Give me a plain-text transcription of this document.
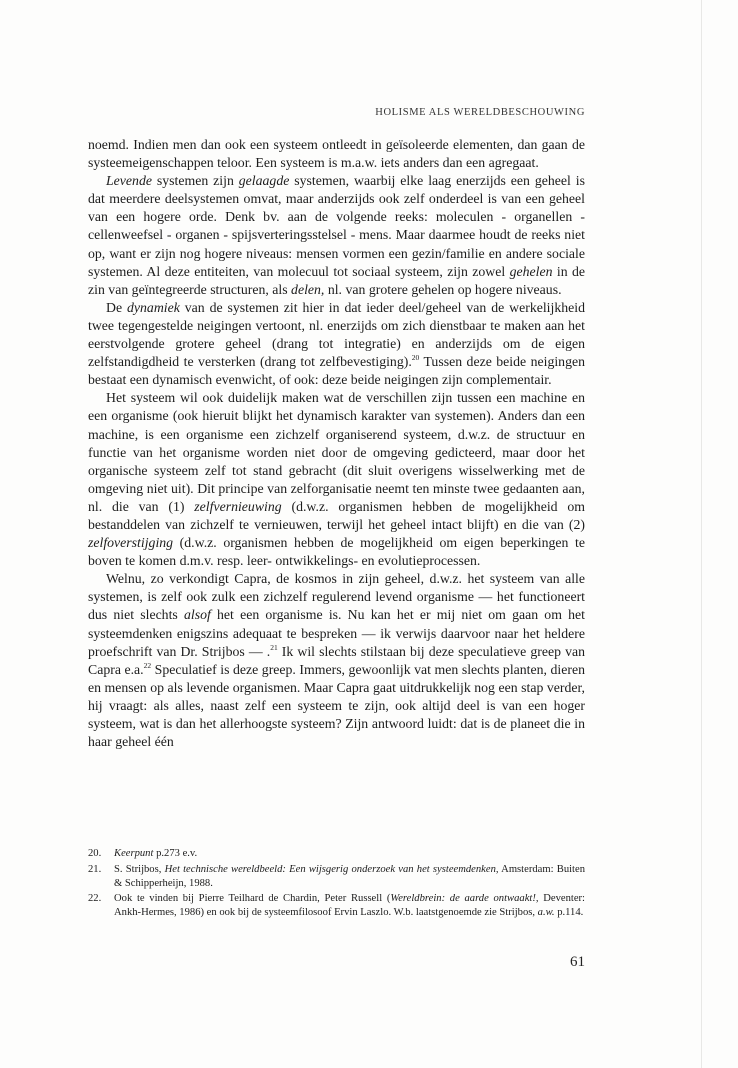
HOLISME ALS WERELDBESCHOUWING

noemd. Indien men dan ook een systeem ontleedt in geïsoleerde elementen, dan gaan de systeemeigenschappen teloor. Een systeem is m.a.w. iets anders dan een agregaat.

Levende systemen zijn gelaagde systemen, waarbij elke laag enerzijds een geheel is dat meerdere deelsystemen omvat, maar anderzijds ook zelf onderdeel is van een geheel van een hogere orde. Denk bv. aan de volgende reeks: moleculen - organellen - cellenweefsel - organen - spijsverteringsstelsel - mens. Maar daarmee houdt de reeks niet op, want er zijn nog hogere niveaus: mensen vormen een gezin/familie en andere sociale systemen. Al deze entiteiten, van molecuul tot sociaal systeem, zijn zowel gehelen in de zin van geïntegreerde structuren, als delen, nl. van grotere gehelen op hogere niveaus.

De dynamiek van de systemen zit hier in dat ieder deel/geheel van de werkelijkheid twee tegengestelde neigingen vertoont, nl. enerzijds om zich dienstbaar te maken aan het eerstvolgende grotere geheel (drang tot integratie) en anderzijds om de eigen zelfstandigdheid te versterken (drang tot zelfbevestiging).$^{20}$ Tussen deze beide neigingen bestaat een dynamisch evenwicht, of ook: deze beide neigingen zijn complementair.

Het systeem wil ook duidelijk maken wat de verschillen zijn tussen een machine en een organisme (ook hieruit blijkt het dynamisch karakter van systemen). Anders dan een machine, is een organisme een zichzelf organiserend systeem, d.w.z. de structuur en functie van het organisme worden niet door de omgeving gedicteerd, maar door het organische systeem zelf tot stand gebracht (dit sluit overigens wisselwerking met de omgeving niet uit). Dit principe van zelforganisatie neemt ten minste twee gedaanten aan, nl. die van (1) zelfvernieuwing (d.w.z. organismen hebben de mogelijkheid om bestanddelen van zichzelf te vernieuwen, terwijl het geheel intact blijft) en die van (2) zelfoverstijging (d.w.z. organismen hebben de mogelijkheid om eigen beperkingen te boven te komen d.m.v. resp. leer- ontwikkelings- en evolutieprocessen.

Welnu, zo verkondigt Capra, de kosmos in zijn geheel, d.w.z. het systeem van alle systemen, is zelf ook zulk een zichzelf regulerend levend organisme — het functioneert dus niet slechts alsof het een organisme is. Nu kan het er mij niet om gaan om het systeemdenken enigszins adequaat te bespreken — ik verwijs daarvoor naar het heldere proefschrift van Dr. Strijbos — .$^{21}$ Ik wil slechts stilstaan bij deze speculatieve greep van Capra e.a.$^{22}$ Speculatief is deze greep. Immers, gewoonlijk vat men slechts planten, dieren en mensen op als levende organismen. Maar Capra gaat uitdrukkelijk nog een stap verder, hij vraagt: als alles, naast zelf een systeem te zijn, ook altijd deel is van een hoger systeem, wat is dan het allerhoogste systeem? Zijn antwoord luidt: dat is de planeet die in haar geheel één

20. Keerpunt p.273 e.v.
21. S. Strijbos, Het technische wereldbeeld: Een wijsgerig onderzoek van het systeemdenken, Amsterdam: Buiten & Schipperheijn, 1988.
22. Ook te vinden bij Pierre Teilhard de Chardin, Peter Russell (Wereldbrein: de aarde ontwaakt!, Deventer: Ankh-Hermes, 1986) en ook bij de systeemfilosoof Ervin Laszlo. W.b. laatstgenoemde zie Strijbos, a.w. p.114.
61
